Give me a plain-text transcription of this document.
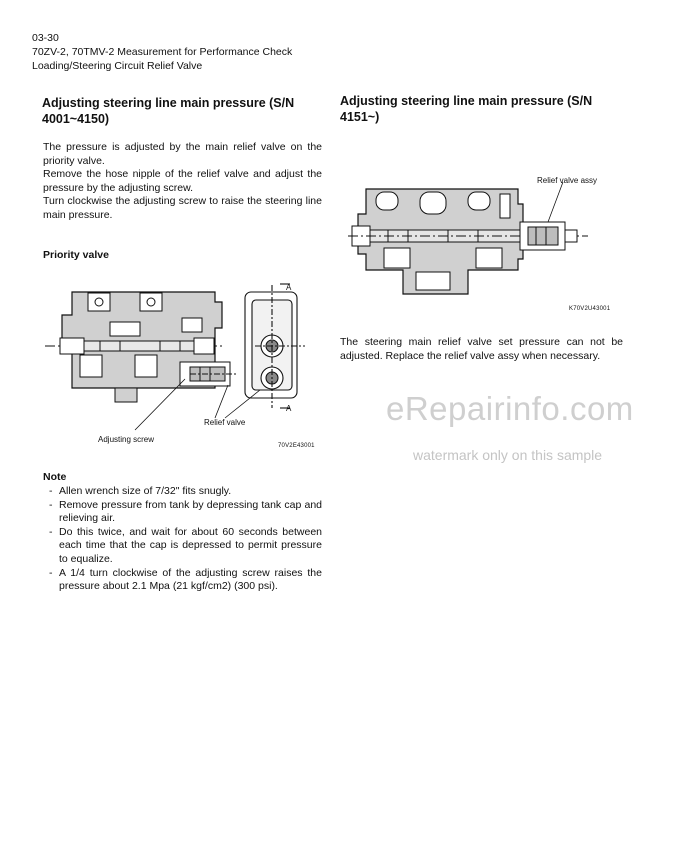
03-30
70ZV-2, 70TMV-2 Measurement for Performance Check
Loading/Steering Circuit Relief Valve
Adjusting steering line main pressure (S/N 4001~4150)
The pressure is adjusted by the main relief valve on the priority valve.
Remove the hose nipple of the relief valve and adjust the pressure by the adjusting screw.
Turn clockwise the adjusting screw to raise the steering line main pressure.
Priority valve
A
A
Relief valve
Adjusting screw
70V2E43001
Note
- Allen wrench size of 7/32" fits snugly.
- Remove pressure from tank by depressing tank cap and relieving air.
- Do this twice, and wait for about 60 seconds between each time that the cap is depressed to permit pressure to equalize.
- A 1/4 turn clockwise of the adjusting screw raises the pressure about 2.1 Mpa (21 kgf/cm2) (300 psi).
Adjusting steering line main pressure (S/N 4151~)
Relief valve assy
K70V2U43001
The steering main relief valve set pressure can not be adjusted. Replace the relief valve assy when necessary.
eRepairinfo.com
watermark only on this sample
